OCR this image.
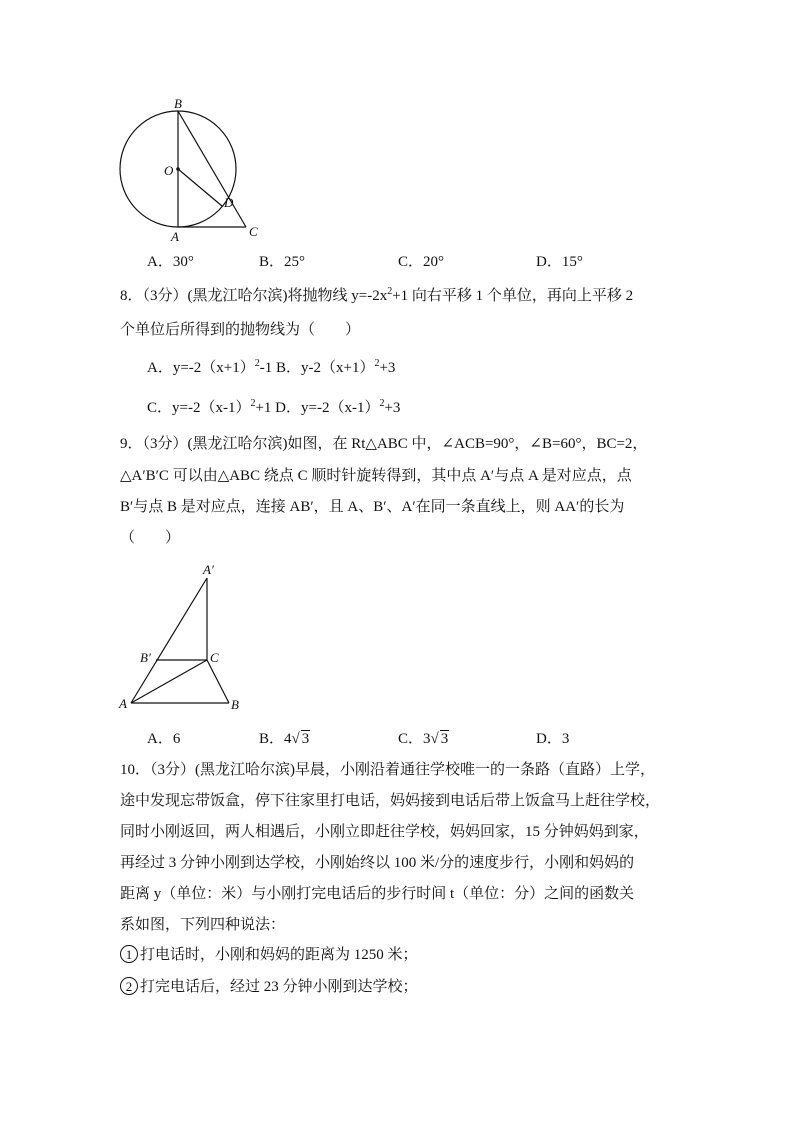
B
O
D
A	C
A．30°	B．25°	C．20°	D．15°
8．（3分）(黑龙江哈尔滨)将抛物线 $y=-2x^2+1$ 向右平移 1 个单位，再向上平移 2
个单位后所得到的抛物线为（　　）
A．$y=-2(x+1)^2-1$ B．$y-2(x+1)^2+3$
C．$y=-2(x-1)^2+1$ D．$y=-2(x-1)^2+3$
9．（3分）(黑龙江哈尔滨)如图，在 Rt△ABC 中，∠ACB=90°，∠B=60°，BC=2，
△A′B′C 可以由△ABC 绕点 C 顺时针旋转得到，其中点 A′与点 A 是对应点，点
B′与点 B 是对应点，连接 AB′，且 A、B′、A′在同一条直线上，则 AA′的长为
（　　）
A′
B′	C
A	B
A．6	B．4√ 3	C．3√ 3	D．3
10．（3分）(黑龙江哈尔滨)早晨，小刚沿着通往学校唯一的一条路（直路）上学，
途中发现忘带饭盒，停下往家里打电话，妈妈接到电话后带上饭盒马上赶往学校，
同时小刚返回，两人相遇后，小刚立即赶往学校，妈妈回家，15 分钟妈妈到家，
再经过 3 分钟小刚到达学校，小刚始终以 100 米/分的速度步行，小刚和妈妈的
距离 y（单位：米）与小刚打完电话后的步行时间 t（单位：分）之间的函数关
系如图，下列四种说法：
1 打电话时，小刚和妈妈的距离为 1250 米；
2 打完电话后，经过 23 分钟小刚到达学校；
